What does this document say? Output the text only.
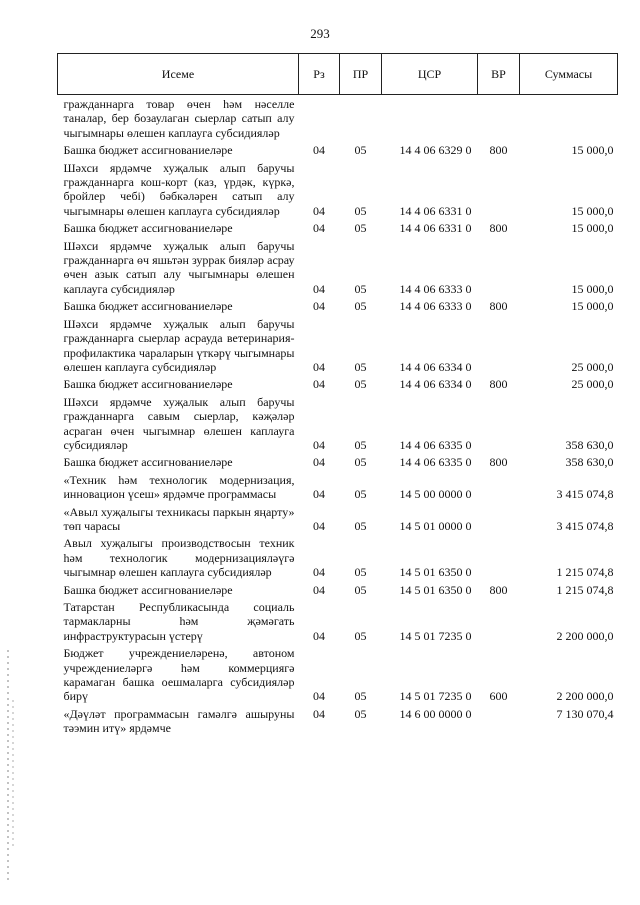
293
Исеме	Рз	ПР	ЦСР	ВР	Суммасы
гражданнарга товар өчен һәм нәселле таналар, бер бозаулаган сыерлар сатып алу чыгымнары өлешен каплауга субсидияләр					
Башка бюджет ассигнованиеләре	04	05	14 4 06 6329 0	800	15 000,0
Шәхси ярдәмче хуҗалык алып баручы гражданнарга кош-корт (каз, үрдәк, күркә, бройлер чебі) бәбкәләрен сатып алу чыгымнары өлешен каплауга субсидияләр	04	05	14 4 06 6331 0		15 000,0
Башка бюджет ассигнованиеләре	04	05	14 4 06 6331 0	800	15 000,0
Шәхси ярдәмче хуҗалык алып баручы гражданнарга өч яшьтән зуррак бияләр асрау өчен азык сатып алу чыгымнары өлешен каплауга субсидияләр	04	05	14 4 06 6333 0		15 000,0
Башка бюджет ассигнованиеләре	04	05	14 4 06 6333 0	800	15 000,0
Шәхси ярдәмче хуҗалык алып баручы гражданнарга сыерлар асрауда ветеринария-профилактика чараларын үткәрү чыгымнары өлешен каплауга субсидияләр	04	05	14 4 06 6334 0		25 000,0
Башка бюджет ассигнованиеләре	04	05	14 4 06 6334 0	800	25 000,0
Шәхси ярдәмче хуҗалык алып баручы гражданнарга савым сыерлар, кәҗәләр асраган өчен чыгымнар өлешен каплауга субсидияләр	04	05	14 4 06 6335 0		358 630,0
Башка бюджет ассигнованиеләре	04	05	14 4 06 6335 0	800	358 630,0
«Техник һәм технологик модернизация, инновацион үсеш» ярдәмче программасы	04	05	14 5 00 0000 0		3 415 074,8
«Авыл хуҗалыгы техникасы паркын яңарту» төп чарасы	04	05	14 5 01 0000 0		3 415 074,8
Авыл хуҗалыгы производствосын техник һәм технологик модернизацияләүгә чыгымнар өлешен каплауга субсидияләр	04	05	14 5 01 6350 0		1 215 074,8
Башка бюджет ассигнованиеләре	04	05	14 5 01 6350 0	800	1 215 074,8
Татарстан Республикасында социаль тармакларны һәм җәмәгать инфраструктурасын үстерү	04	05	14 5 01 7235 0		2 200 000,0
Бюджет учреждениеләренә, автоном учреждениеләргә һәм коммерциягә карамаган башка оешмаларга субсидияләр бирү	04	05	14 5 01 7235 0	600	2 200 000,0
«Дәүләт программасын гамәлгә ашыруны тәэмин итү» ярдәмче	04	05	14 6 00 0000 0		7 130 070,4
